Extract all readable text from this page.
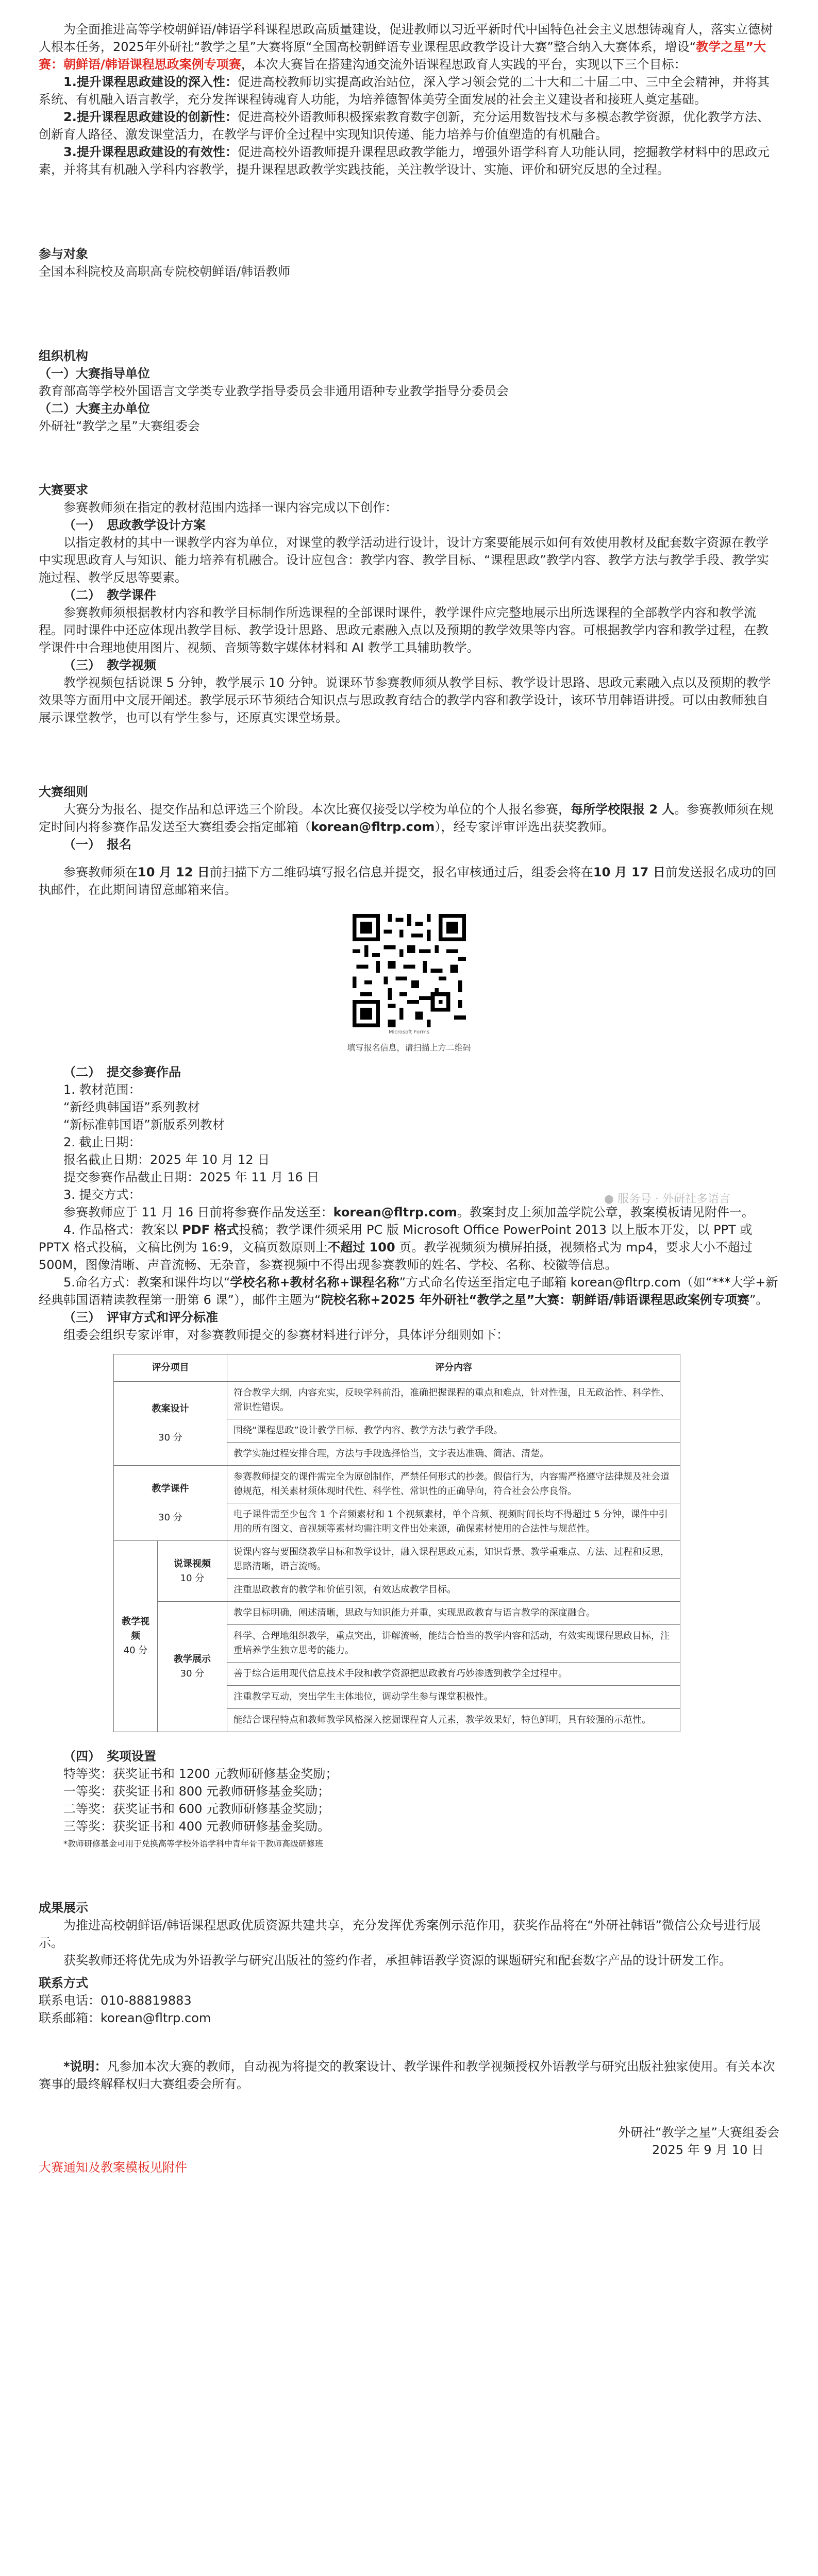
为全面推进高等学校朝鲜语/韩语学科课程思政高质量建设，促进教师以习近平新时代中国特色社会主义思想铸魂育人，落实立德树人根本任务，2025年外研社“教学之星”大赛将原“全国高校朝鲜语专业课程思政教学设计大赛”整合纳入大赛体系，增设“教学之星”大赛：朝鲜语/韩语课程思政案例专项赛，本次大赛旨在搭建沟通交流外语课程思政育人实践的平台，实现以下三个目标：

1.提升课程思政建设的深入性：促进高校教师切实提高政治站位，深入学习领会党的二十大和二十届二中、三中全会精神，并将其系统、有机融入语言教学，充分发挥课程铸魂育人功能，为培养德智体美劳全面发展的社会主义建设者和接班人奠定基础。

2.提升课程思政建设的创新性：促进高校外语教师积极探索教育数字创新，充分运用数智技术与多模态教学资源，优化教学方法、创新育人路径、激发课堂活力，在教学与评价全过程中实现知识传递、能力培养与价值塑造的有机融合。

3.提升课程思政建设的有效性：促进高校外语教师提升课程思政教学能力，增强外语学科育人功能认同，挖掘教学材料中的思政元素，并将其有机融入学科内容教学，提升课程思政教学实践技能，关注教学设计、实施、评价和研究反思的全过程。

参与对象

全国本科院校及高职高专院校朝鲜语/韩语教师

组织机构

（一）大赛指导单位

教育部高等学校外国语言文学类专业教学指导委员会非通用语种专业教学指导分委员会

（二）大赛主办单位

外研社“教学之星”大赛组委会

大赛要求

参赛教师须在指定的教材范围内选择一课内容完成以下创作：

（一）　思政教学设计方案

以指定教材的其中一课教学内容为单位，对课堂的教学活动进行设计，设计方案要能展示如何有效使用教材及配套数字资源在教学中实现思政育人与知识、能力培养有机融合。设计应包含：教学内容、教学目标、“课程思政”教学内容、教学方法与教学手段、教学实施过程、教学反思等要素。

（二）　教学课件

参赛教师须根据教材内容和教学目标制作所选课程的全部课时课件，教学课件应完整地展示出所选课程的全部教学内容和教学流程。同时课件中还应体现出教学目标、教学设计思路、思政元素融入点以及预期的教学效果等内容。可根据教学内容和教学过程，在教学课件中合理地使用图片、视频、音频等数字媒体材料和 AI 教学工具辅助教学。

（三）　教学视频

教学视频包括说课 5 分钟，教学展示 10 分钟。说课环节参赛教师须从教学目标、教学设计思路、思政元素融入点以及预期的教学效果等方面用中文展开阐述。教学展示环节须结合知识点与思政教育结合的教学内容和教学设计，该环节用韩语讲授。可以由教师独自展示课堂教学，也可以有学生参与，还原真实课堂场景。

大赛细则

大赛分为报名、提交作品和总评选三个阶段。本次比赛仅接受以学校为单位的个人报名参赛，每所学校限报 2 人。参赛教师须在规定时间内将参赛作品发送至大赛组委会指定邮箱（korean@fltrp.com），经专家评审评选出获奖教师。

（一）　报名

参赛教师须在10 月 12 日前扫描下方二维码填写报名信息并提交，报名审核通过后，组委会将在10 月 17 日前发送报名成功的回执邮件，在此期间请留意邮箱来信。

Microsoft Forms

填写报名信息，请扫描上方二维码

（二）　提交参赛作品

1. 教材范围：

“新经典韩国语”系列教材

“新标准韩国语”新版系列教材

2. 截止日期：

报名截止日期：2025 年 10 月 12 日

提交参赛作品截止日期：2025 年 11 月 16 日

3. 提交方式：

参赛教师应于 11 月 16 日前将参赛作品发送至：korean@fltrp.com。教案封皮上须加盖学院公章，教案模板请见附件一。

4. 作品格式：教案以 PDF 格式投稿；教学课件须采用 PC 版 Microsoft Office PowerPoint 2013 以上版本开发，以 PPT 或 PPTX 格式投稿，文稿比例为 16:9，文稿页数原则上不超过 100 页。教学视频须为横屏拍摄，视频格式为 mp4，要求大小不超过 500M，图像清晰、声音流畅、无杂音，参赛视频中不得出现参赛教师的姓名、学校、名称、校徽等信息。

5.命名方式：教案和课件均以“学校名称+教材名称+课程名称”方式命名传送至指定电子邮箱 korean@fltrp.com（如“***大学+新经典韩国语精读教程第一册第 6 课”），邮件主题为“院校名称+2025 年外研社“教学之星”大赛：朝鲜语/韩语课程思政案例专项赛”。

（三）　评审方式和评分标准

组委会组织专家评审，对参赛教师提交的参赛材料进行评分，具体评分细则如下：

评分项目		评分内容
教案设计

30 分		符合教学大纲，内容充实，反映学科前沿，准确把握课程的重点和难点，针对性强，且无政治性、科学性、常识性错误。
		围绕“课程思政”设计教学目标、教学内容、教学方法与教学手段。
		教学实施过程安排合理，方法与手段选择恰当，文字表达准确、简洁、清楚。
教学课件

30 分		参赛教师提交的课件需完全为原创制作，严禁任何形式的抄袭。假信行为，内容需严格遵守法律规及社会道德规范，相关素材须体现时代性、科学性、常识性的正确导向，符合社会公序良俗。
		电子课件需至少包含 1 个音频素材和 1 个视频素材，单个音频、视频时间长均不得超过 5 分钟，课件中引用的所有图文、音视频等素材均需注明文件出处来源，确保素材使用的合法性与规范性。
教学视频
40 分	说课视频
10 分	说课内容与要围绕教学目标和教学设计，融入课程思政元素，知识背景、教学重难点、方法、过程和反思，思路清晰，语言流畅。
		注重思政教育的教学和价值引领，有效达成教学目标。
	教学展示
30 分	教学目标明确，阐述清晰，思政与知识能力并重，实现思政教育与语言教学的深度融合。
		科学、合理地组织教学，重点突出，讲解流畅，能结合恰当的教学内容和活动，有效实现课程思政目标，注重培养学生独立思考的能力。
		善于综合运用现代信息技术手段和教学资源把思政教育巧妙渗透到教学全过程中。
		注重教学互动，突出学生主体地位，调动学生参与课堂积极性。
		能结合课程特点和教师教学风格深入挖掘课程育人元素，教学效果好，特色鲜明，具有较强的示范性。

（四）　奖项设置

特等奖：获奖证书和 1200 元教师研修基金奖励；

一等奖：获奖证书和 800 元教师研修基金奖励；

二等奖：获奖证书和 600 元教师研修基金奖励；

三等奖：获奖证书和 400 元教师研修基金奖励。

*教师研修基金可用于兑换高等学校外语学科中青年骨干教师高级研修班

成果展示

为推进高校朝鲜语/韩语课程思政优质资源共建共享，充分发挥优秀案例示范作用，获奖作品将在“外研社韩语”微信公众号进行展示。

获奖教师还将优先成为外语教学与研究出版社的签约作者，承担韩语教学资源的课题研究和配套数字产品的设计研发工作。

联系方式

联系电话：010-88819883

联系邮箱：korean@fltrp.com

*说明：凡参加本次大赛的教师，自动视为将提交的教案设计、教学课件和教学视频授权外语教学与研究出版社独家使用。有关本次赛事的最终解释权归大赛组委会所有。

外研社“教学之星”大赛组委会

2025 年 9 月 10 日

大赛通知及教案模板见附件

● 服务号 · 外研社多语言
